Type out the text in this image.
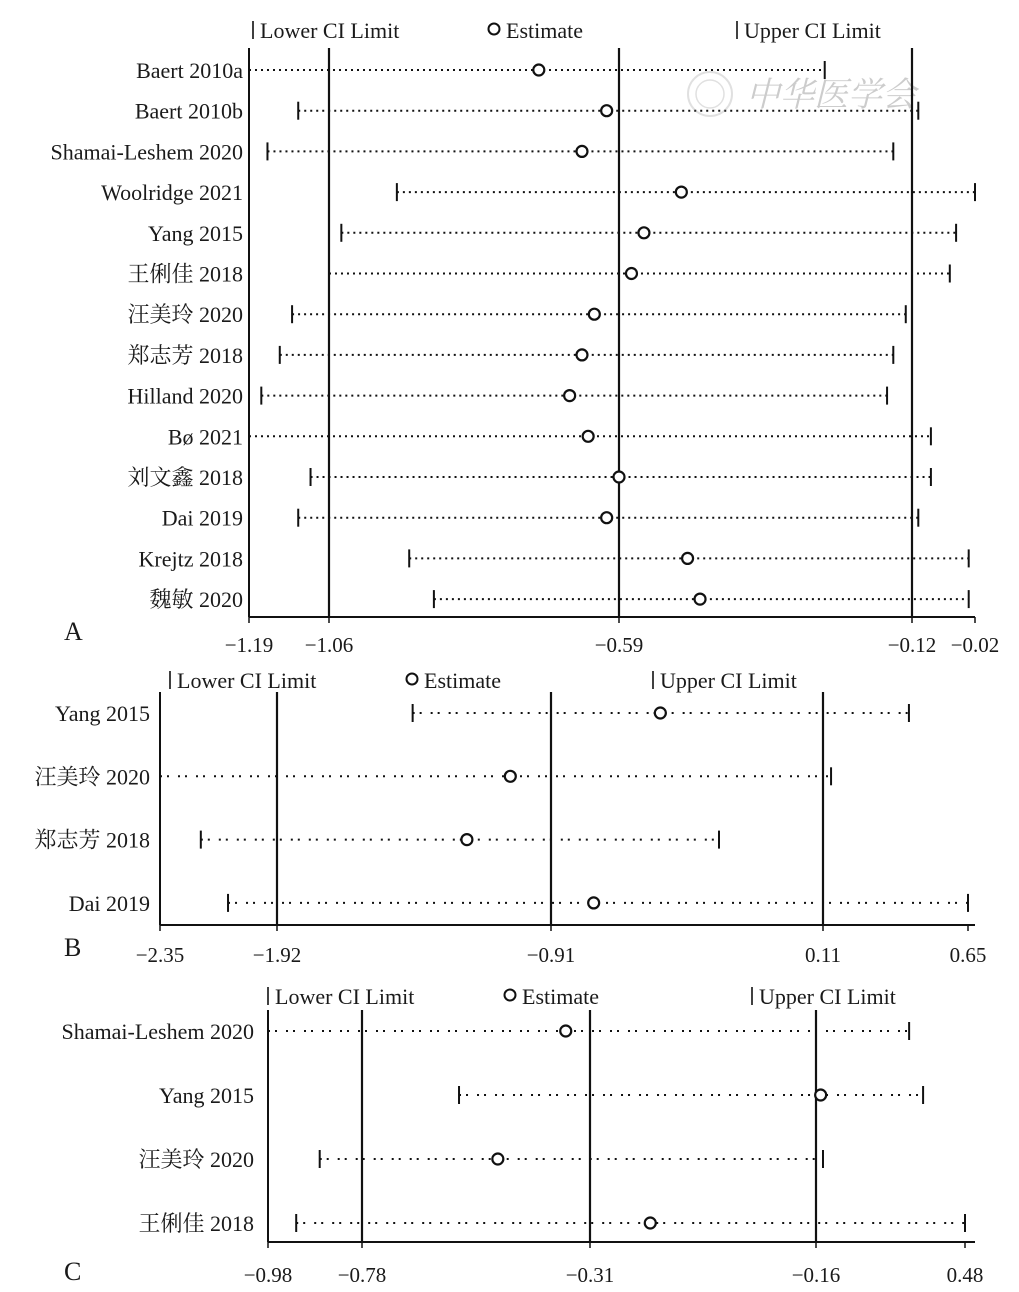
−1.19 −1.06	−0.59	−0.12 −0.02
A
Lower CI Limit	Estimate	Upper CI Limit
Baert 2010a
Baert 2010b
Shamai-Leshem 2020
Woolridge 2021
Yang 2015
王俐佳 2018
汪美玲 2020
郑志芳 2018
Hilland 2020
Bø 2021
刘文鑫 2018
Dai 2019
Krejtz 2018
魏敏 2020
−2.35	−1.92	−0.91	0.11	0.65
B
Lower CI Limit	Estimate	Upper CI Limit
Yang 2015
汪美玲 2020
郑志芳 2018
Dai 2019
−0.98 −0.78	−0.31	−0.16	0.48
C
Lower CI Limit	Estimate	Upper CI Limit
Shamai-Leshem 2020
Yang 2015
汪美玲 2020
王俐佳 2018
中华医学会
